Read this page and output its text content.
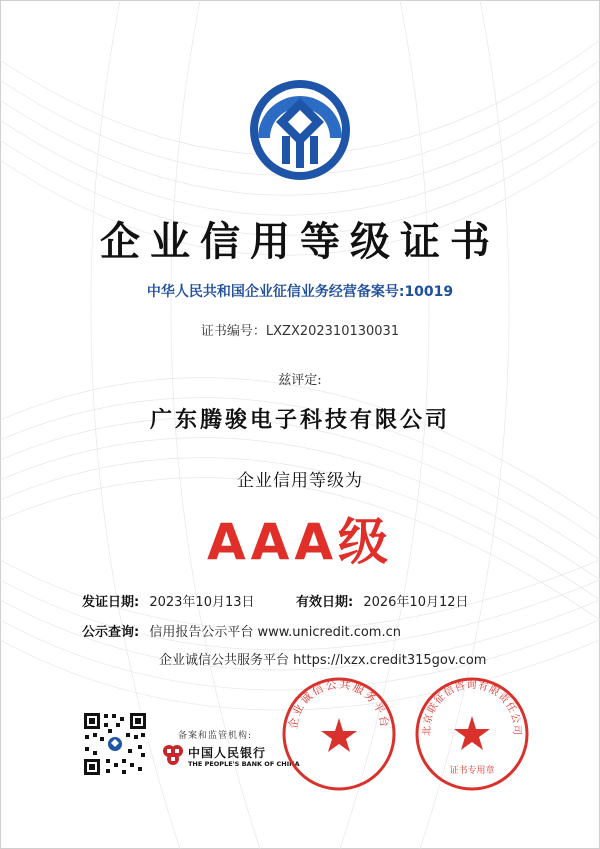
企业信用等级证书
中华人民共和国企业征信业务经营备案号:10019
证书编号：LXZX202310130031
兹评定:
广东腾骏电子科技有限公司
企业信用等级为
AAA级
发证日期: 2023年10月13日	有效日期: 2026年10月12日
公示查询: 信用报告公示平台 www.unicredit.com.cn
企业诚信公共服务平台 https://lxzx.credit315gov.com
备案和监管机构:
中国人民银行
THE PEOPLE'S BANK OF CHINA
企业诚信公共服务平台
北京联征信咨询有限责任公司
证书专用章
